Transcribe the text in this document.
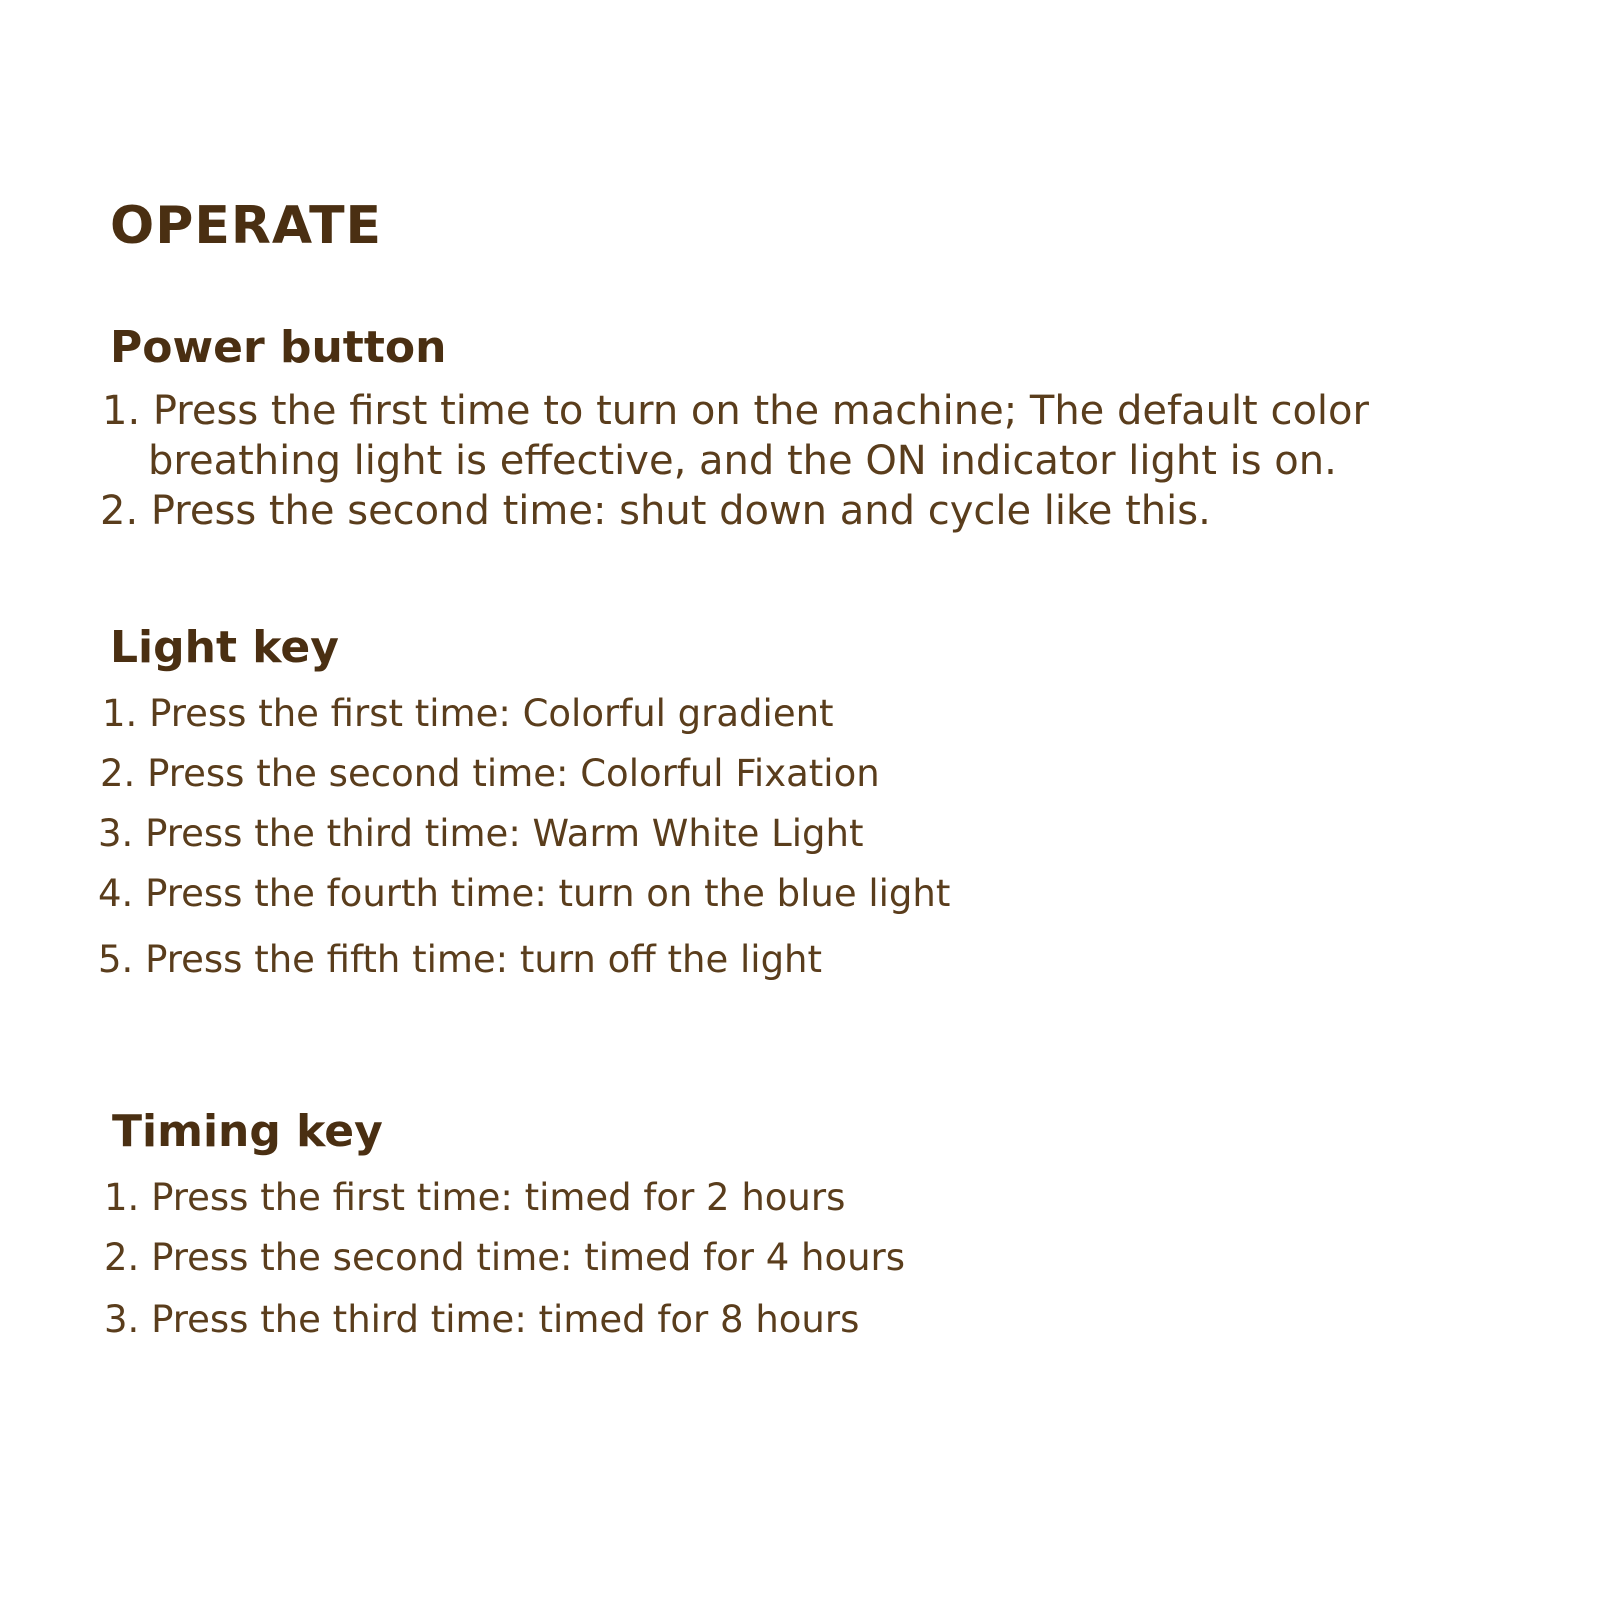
OPERATE
Power button
1. Press the first time to turn on the machine; The default color
breathing light is effective, and the ON indicator light is on.
2. Press the second time: shut down and cycle like this.
Light key
1. Press the first time: Colorful gradient
2. Press the second time: Colorful Fixation
3. Press the third time: Warm White Light
4. Press the fourth time: turn on the blue light
5. Press the fifth time: turn off the light
Timing key
1. Press the first time: timed for 2 hours
2. Press the second time: timed for 4 hours
3. Press the third time: timed for 8 hours
